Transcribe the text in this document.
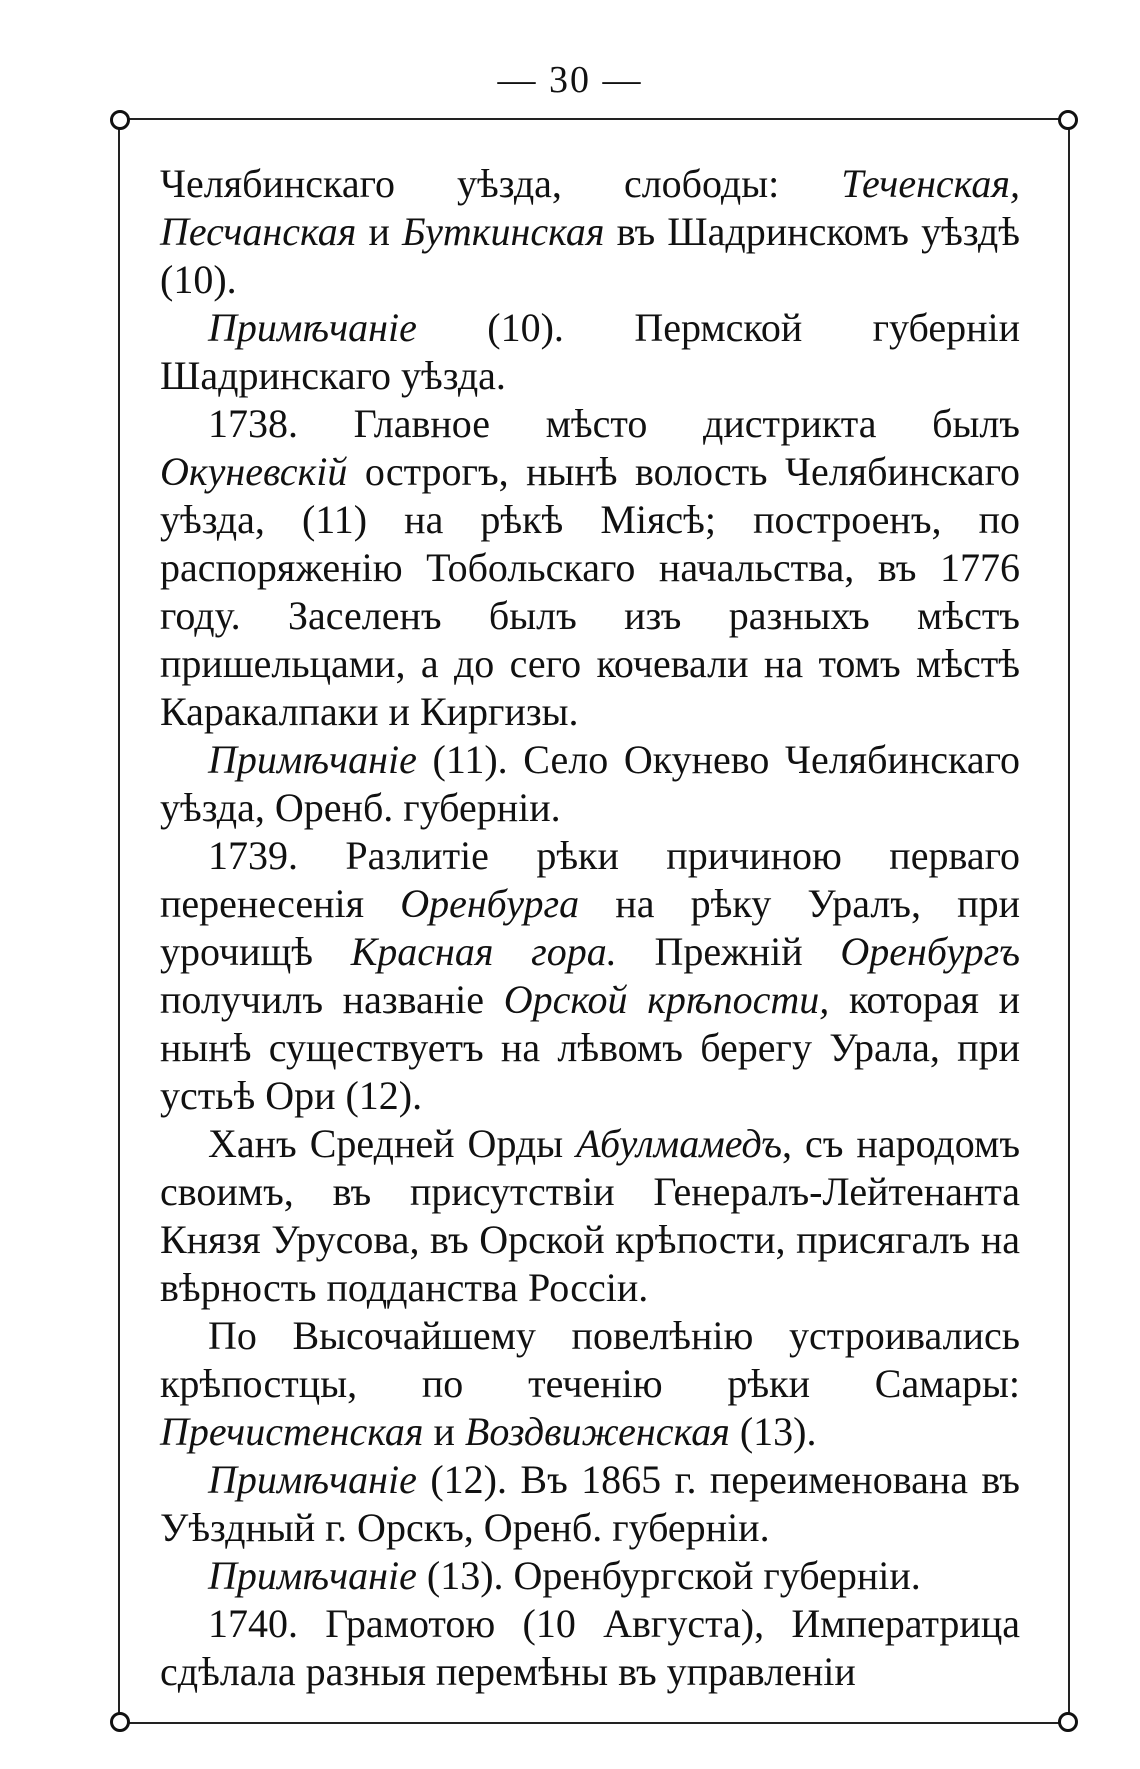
— 30 —

Челябинскаго уѣзда, слободы: Теченская, Песчанская и Буткинская въ Шадринскомъ уѣздѣ (10).

Примѣчаніе (10). Пермской губерніи Шадринскаго уѣзда.

1738. Главное мѣсто дистрикта былъ Окуневскій острогъ, нынѣ волость Челябинскаго уѣзда, (11) на рѣкѣ Міясѣ; построенъ, по распоряженію Тобольскаго начальства, въ 1776 году. Заселенъ былъ изъ разныхъ мѣстъ пришельцами, а до сего кочевали на томъ мѣстѣ Каракалпаки и Киргизы.

Примѣчаніе (11). Село Окунево Челябинскаго уѣзда, Оренб. губерніи.

1739. Разлитіе рѣки причиною перваго перенесенія Оренбурга на рѣку Уралъ, при урочищѣ Красная гора. Прежній Оренбургъ получилъ названіе Орской крѣпости, которая и нынѣ существуетъ на лѣвомъ берегу Урала, при устьѣ Ори (12).

Ханъ Средней Орды Абулмамедъ, съ народомъ своимъ, въ присутствіи Генералъ-Лейтенанта Князя Урусова, въ Орской крѣпости, присягалъ на вѣрность подданства Россіи.

По Высочайшему повелѣнію устроивались крѣпостцы, по теченію рѣки Самары: Пречистенская и Воздвиженская (13).

Примѣчаніе (12). Въ 1865 г. переименована въ Уѣздный г. Орскъ, Оренб. губерніи.

Примѣчаніе (13). Оренбургской губерніи.

1740. Грамотою (10 Августа), Императрица сдѣлала разныя перемѣны въ управленіи
